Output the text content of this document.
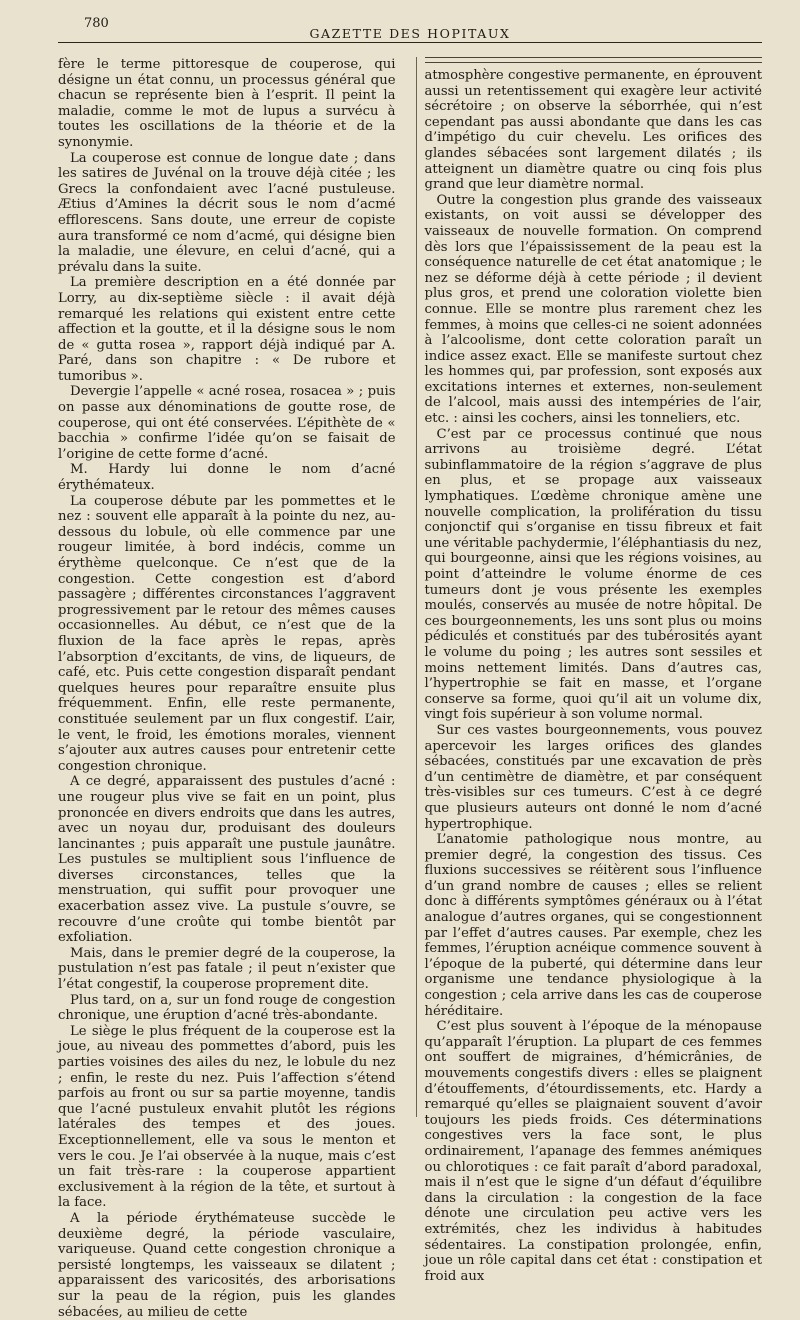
780
GAZETTE DES HOPITAUX

fère le terme pittoresque de couperose, qui désigne un état connu, un processus général que chacun se représente bien à l’esprit. Il peint la maladie, comme le mot de lupus a survécu à toutes les oscillations de la théorie et de la synonymie.

La couperose est connue de longue date ; dans les satires de Juvénal on la trouve déjà citée ; les Grecs la confondaient avec l’acné pustuleuse. Ætius d’Amines la décrit sous le nom d’acmé efflorescens. Sans doute, une erreur de copiste aura transformé ce nom d’acmé, qui désigne bien la maladie, une élevure, en celui d’acné, qui a prévalu dans la suite.

La première description en a été donnée par Lorry, au dix-septième siècle : il avait déjà remarqué les relations qui existent entre cette affection et la goutte, et il la désigne sous le nom de « gutta rosea », rapport déjà indiqué par A. Paré, dans son chapitre : « De rubore et tumoribus ».

Devergie l’appelle « acné rosea, rosacea » ; puis on passe aux dénominations de goutte rose, de couperose, qui ont été conservées. L’épithète de « bacchia » confirme l’idée qu’on se faisait de l’origine de cette forme d’acné.

M. Hardy lui donne le nom d’acné érythémateux.

La couperose débute par les pommettes et le nez : souvent elle apparaît à la pointe du nez, au-dessous du lobule, où elle commence par une rougeur limitée, à bord indécis, comme un érythème quelconque. Ce n’est que de la congestion. Cette congestion est d’abord passagère ; différentes circonstances l’aggravent progressivement par le retour des mêmes causes occasionnelles. Au début, ce n’est que de la fluxion de la face après le repas, après l’absorption d’excitants, de vins, de liqueurs, de café, etc. Puis cette congestion disparaît pendant quelques heures pour reparaître ensuite plus fréquemment. Enfin, elle reste permanente, constituée seulement par un flux congestif. L’air, le vent, le froid, les émotions morales, viennent s’ajouter aux autres causes pour entretenir cette congestion chronique.

A ce degré, apparaissent des pustules d’acné : une rougeur plus vive se fait en un point, plus prononcée en divers endroits que dans les autres, avec un noyau dur, produisant des douleurs lancinantes ; puis apparaît une pustule jaunâtre. Les pustules se multiplient sous l’influence de diverses circonstances, telles que la menstruation, qui suffit pour provoquer une exacerbation assez vive. La pustule s’ouvre, se recouvre d’une croûte qui tombe bientôt par exfoliation.

Mais, dans le premier degré de la couperose, la pustulation n’est pas fatale ; il peut n’exister que l’état congestif, la couperose proprement dite.

Plus tard, on a, sur un fond rouge de congestion chronique, une éruption d’acné très-abondante.

Le siège le plus fréquent de la couperose est la joue, au niveau des pommettes d’abord, puis les parties voisines des ailes du nez, le lobule du nez ; enfin, le reste du nez. Puis l’affection s’étend parfois au front ou sur sa partie moyenne, tandis que l’acné pustuleux envahit plutôt les régions latérales des tempes et des joues. Exceptionnellement, elle va sous le menton et vers le cou. Je l’ai observée à la nuque, mais c’est un fait très-rare : la couperose appartient exclusivement à la région de la tête, et surtout à la face.

A la période érythémateuse succède le deuxième degré, la période vasculaire, variqueuse. Quand cette congestion chronique a persisté longtemps, les vaisseaux se dilatent ; apparaissent des varicosités, des arborisations sur la peau de la région, puis les glandes sébacées, au milieu de cette

atmosphère congestive permanente, en éprouvent aussi un retentissement qui exagère leur activité sécrétoire ; on observe la séborrhée, qui n’est cependant pas aussi abondante que dans les cas d’impétigo du cuir chevelu. Les orifices des glandes sébacées sont largement dilatés ; ils atteignent un diamètre quatre ou cinq fois plus grand que leur diamètre normal.

Outre la congestion plus grande des vaisseaux existants, on voit aussi se développer des vaisseaux de nouvelle formation. On comprend dès lors que l’épaississement de la peau est la conséquence naturelle de cet état anatomique ; le nez se déforme déjà à cette période ; il devient plus gros, et prend une coloration violette bien connue. Elle se montre plus rarement chez les femmes, à moins que celles-ci ne soient adonnées à l’alcoolisme, dont cette coloration paraît un indice assez exact. Elle se manifeste surtout chez les hommes qui, par profession, sont exposés aux excitations internes et externes, non-seulement de l’alcool, mais aussi des intempéries de l’air, etc. : ainsi les cochers, ainsi les tonneliers, etc.

C’est par ce processus continué que nous arrivons au troisième degré. L’état subinflammatoire de la région s’aggrave de plus en plus, et se propage aux vaisseaux lymphatiques. L’œdème chronique amène une nouvelle complication, la prolifération du tissu conjonctif qui s’organise en tissu fibreux et fait une véritable pachydermie, l’éléphantiasis du nez, qui bourgeonne, ainsi que les régions voisines, au point d’atteindre le volume énorme de ces tumeurs dont je vous présente les exemples moulés, conservés au musée de notre hôpital. De ces bourgeonnements, les uns sont plus ou moins pédiculés et constitués par des tubérosités ayant le volume du poing ; les autres sont sessiles et moins nettement limités. Dans d’autres cas, l’hypertrophie se fait en masse, et l’organe conserve sa forme, quoi qu’il ait un volume dix, vingt fois supérieur à son volume normal.

Sur ces vastes bourgeonnements, vous pouvez apercevoir les larges orifices des glandes sébacées, constitués par une excavation de près d’un centimètre de diamètre, et par conséquent très-visibles sur ces tumeurs. C’est à ce degré que plusieurs auteurs ont donné le nom d’acné hypertrophique.

L’anatomie pathologique nous montre, au premier degré, la congestion des tissus. Ces fluxions successives se réitèrent sous l’influence d’un grand nombre de causes ; elles se relient donc à différents symptômes généraux ou à l’état analogue d’autres organes, qui se congestionnent par l’effet d’autres causes. Par exemple, chez les femmes, l’éruption acnéique commence souvent à l’époque de la puberté, qui détermine dans leur organisme une tendance physiologique à la congestion ; cela arrive dans les cas de couperose héréditaire.

C’est plus souvent à l’époque de la ménopause qu’apparaît l’éruption. La plupart de ces femmes ont souffert de migraines, d’hémicrânies, de mouvements congestifs divers : elles se plaignent d’étouffements, d’étourdissements, etc. Hardy a remarqué qu’elles se plaignaient souvent d’avoir toujours les pieds froids. Ces déterminations congestives vers la face sont, le plus ordinairement, l’apanage des femmes anémiques ou chlorotiques : ce fait paraît d’abord paradoxal, mais il n’est que le signe d’un défaut d’équilibre dans la circulation : la congestion de la face dénote une circulation peu active vers les extrémités, chez les individus à habitudes sédentaires. La constipation prolongée, enfin, joue un rôle capital dans cet état : constipation et froid aux
